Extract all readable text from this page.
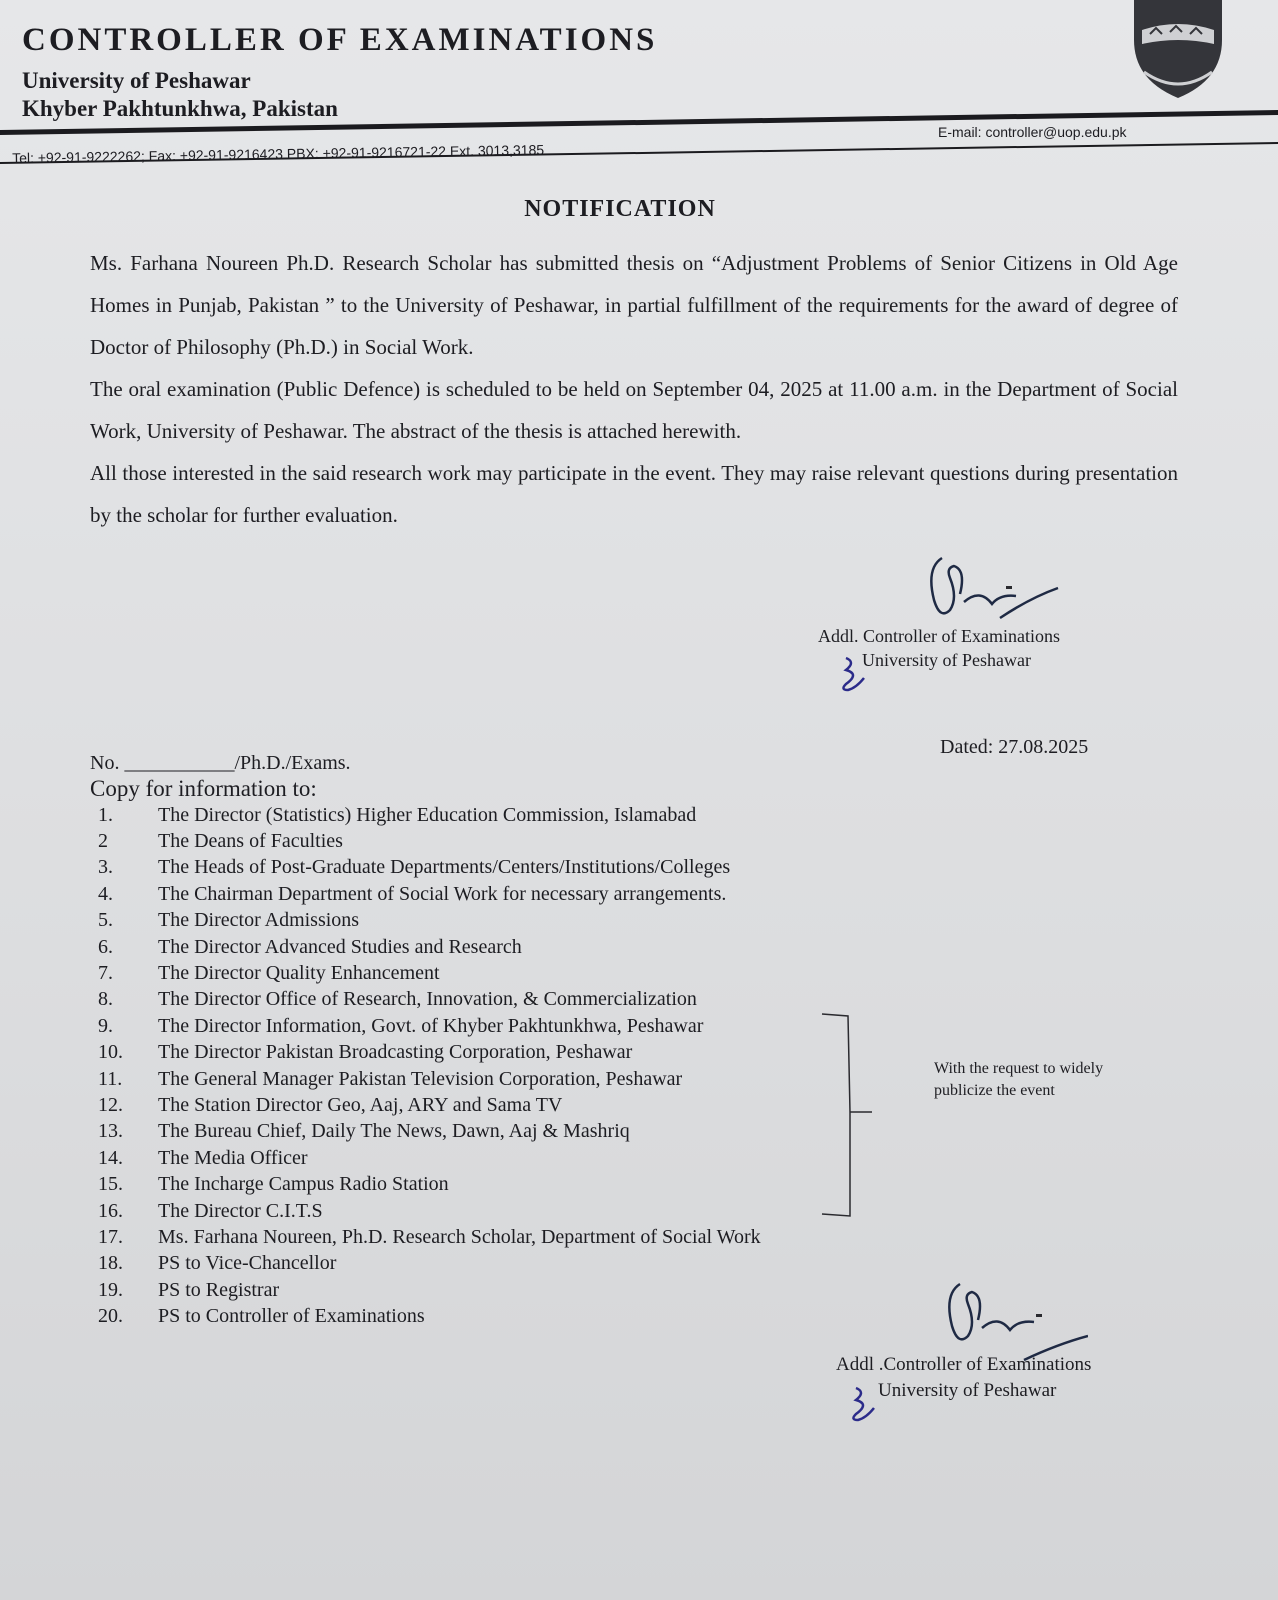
CONTROLLER OF EXAMINATIONS
University of Peshawar
Khyber Pakhtunkhwa, Pakistan
E-mail: controller@uop.edu.pk
Tel: +92-91-9222262; Fax: +92-91-9216423 PBX: +92-91-9216721-22 Ext. 3013,3185
NOTIFICATION

Ms. Farhana Noureen Ph.D. Research Scholar has submitted thesis on “Adjustment Problems of Senior Citizens in Old Age Homes in Punjab, Pakistan ” to the University of Peshawar, in partial fulfillment of the requirements for the award of degree of Doctor of Philosophy (Ph.D.) in Social Work.

The oral examination (Public Defence) is scheduled to be held on September 04, 2025 at 11.00 a.m. in the Department of Social Work, University of Peshawar. The abstract of the thesis is attached herewith.

All those interested in the said research work may participate in the event. They may raise relevant questions during presentation by the scholar for further evaluation.

Addl. Controller of Examinations
University of Peshawar
No. ___________/Ph.D./Exams.
Dated: 27.08.2025
Copy for information to:
1.	The Director (Statistics) Higher Education Commission, Islamabad
2	The Deans of Faculties
3.	The Heads of Post-Graduate Departments/Centers/Institutions/Colleges
4.	The Chairman Department of Social Work for necessary arrangements.
5.	The Director Admissions
6.	The Director Advanced Studies and Research
7.	The Director Quality Enhancement
8.	The Director Office of Research, Innovation, & Commercialization
9.	The Director Information, Govt. of Khyber Pakhtunkhwa, Peshawar
10.	The Director Pakistan Broadcasting Corporation, Peshawar
11.	The General Manager Pakistan Television Corporation, Peshawar
12.	The Station Director Geo, Aaj, ARY and Sama TV
13.	The Bureau Chief, Daily The News, Dawn, Aaj & Mashriq
14.	The Media Officer
15.	The Incharge Campus Radio Station
16.	The Director C.I.T.S
17.	Ms. Farhana Noureen, Ph.D. Research Scholar, Department of Social Work
18.	PS to Vice-Chancellor
19.	PS to Registrar
20.	PS to Controller of Examinations
With the request to widely
publicize the event
Addl .Controller of Examinations
University of Peshawar
